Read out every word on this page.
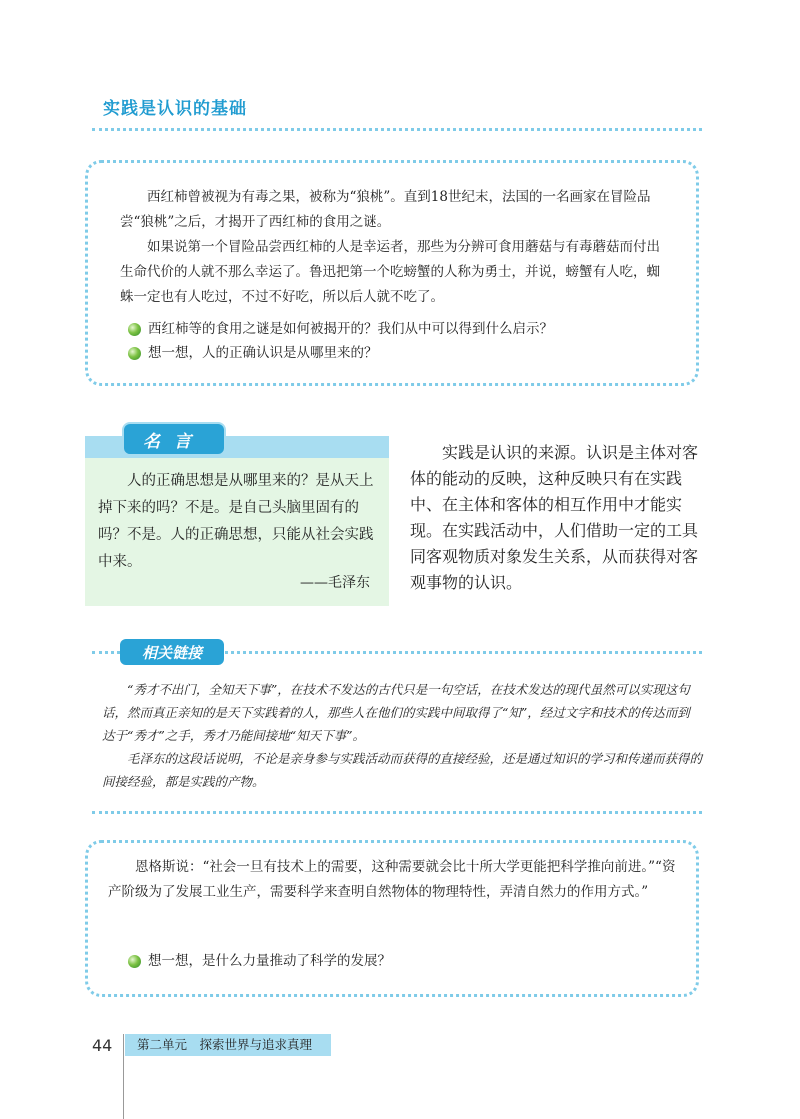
实践是认识的基础

西红柿曾被视为有毒之果，被称为“狼桃”。直到18世纪末，法国的一名画家在冒险品尝“狼桃”之后，才揭开了西红柿的食用之谜。

如果说第一个冒险品尝西红柿的人是幸运者，那些为分辨可食用蘑菇与有毒蘑菇而付出生命代价的人就不那么幸运了。鲁迅把第一个吃螃蟹的人称为勇士，并说，螃蟹有人吃，蜘蛛一定也有人吃过，不过不好吃，所以后人就不吃了。

西红柿等的食用之谜是如何被揭开的？我们从中可以得到什么启示？
想一想，人的正确认识是从哪里来的？
名言
人的正确思想是从哪里来的？是从天上掉下来的吗？不是。是自己头脑里固有的吗？不是。人的正确思想，只能从社会实践中来。
——毛泽东
实践是认识的来源。认识是主体对客体的能动的反映，这种反映只有在实践中、在主体和客体的相互作用中才能实现。在实践活动中，人们借助一定的工具同客观物质对象发生关系，从而获得对客观事物的认识。
相关链接

“秀才不出门，全知天下事”，在技术不发达的古代只是一句空话，在技术发达的现代虽然可以实现这句话，然而真正亲知的是天下实践着的人，那些人在他们的实践中间取得了“知”，经过文字和技术的传达而到达于“秀才”之手，秀才乃能间接地“知天下事”。

毛泽东的这段话说明，不论是亲身参与实践活动而获得的直接经验，还是通过知识的学习和传递而获得的间接经验，都是实践的产物。

恩格斯说：“社会一旦有技术上的需要，这种需要就会比十所大学更能把科学推向前进。”“资产阶级为了发展工业生产，需要科学来查明自然物体的物理特性，弄清自然力的作用方式。”

想一想，是什么力量推动了科学的发展？
44	第二单元　探索世界与追求真理
